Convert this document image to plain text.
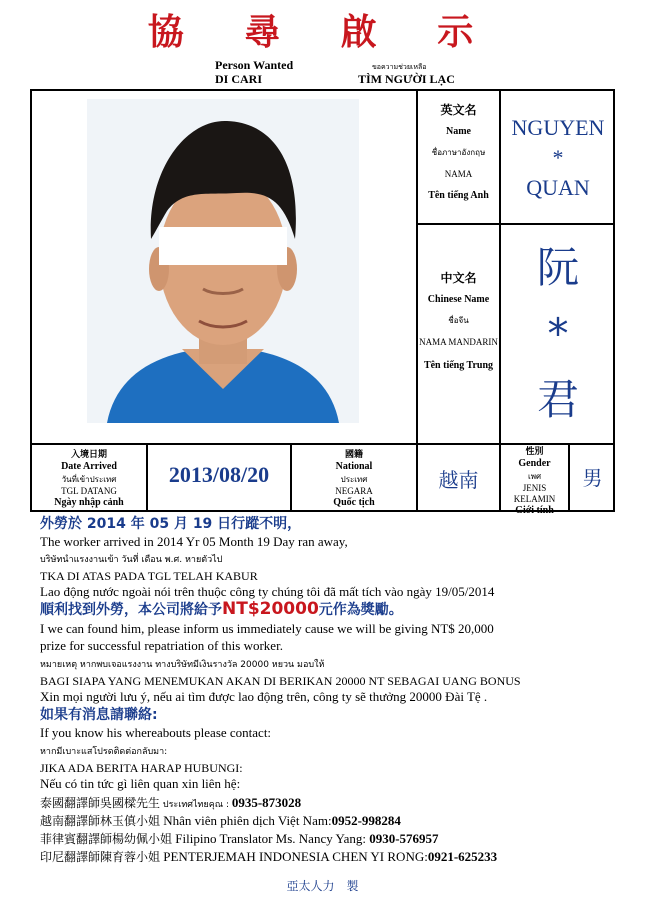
協 尋 啟 示
Person Wanted	ขอความช่วยเหลือ
DI CARI	TÌM NGƯỜI LẠC
英文名
Name
ชื่อภาษาอังกฤษ
NAMA
Tên tiếng Anh
NGUYEN
*
QUAN
中文名
Chinese Name
ชื่อจีน
NAMA MANDARIN
Tên tiếng Trung
阮
*
君
入境日期
Date Arrived
วันที่เข้าประเทศ
TGL DATANG
Ngày nhập cảnh
2013/08/20
國籍
National
ประเทศ
NEGARA
Quốc tịch
越南
性別
Gender
เพศ
JENIS KELAMIN
Giới tính
男
外勞於 2014 年 05 月 19 日行蹤不明，
The worker arrived in 2014 Yr 05 Month 19 Day ran away,
บริษัทนำแรงงานเข้า วันที่ เดือน พ.ศ. หายตัวไป
TKA DI ATAS PADA TGL TELAH KABUR
Lao động nước ngoài nói trên thuộc công ty chúng tôi đã mất tích vào ngày 19/05/2014
順利找到外勞，本公司將給予NT$20000元作為獎勵。
I we can found him, please inform us immediately cause we will be giving NT$ 20,000
prize for successful repatriation of this worker.
หมายเหตุ หากพบเจอแรงงาน ทางบริษัทมีเงินรางวัล 20000 หยวน มอบให้
BAGI SIAPA YANG MENEMUKAN AKAN DI BERIKAN 20000 NT SEBAGAI UANG BONUS
Xin mọi người lưu ý, nếu ai tìm được lao động trên, công ty sẽ thưởng 20000 Đài Tệ .
如果有消息請聯絡:
If you know his whereabouts please contact:
หากมีเบาะแสโปรดติดต่อกลับมา:
JIKA ADA BERITA HARAP HUBUNGI:
Nếu có tin tức gì liên quan xin liên hệ:
泰國翻譯師吳國樑先生 ประเทศไทยคุณ : 0935-873028
越南翻譯師林玉傎小姐 Nhân viên phiên dịch Việt Nam:0952-998284
菲律賓翻譯師楊幼佩小姐 Filipino Translator Ms. Nancy Yang: 0930-576957
印尼翻譯師陳育蓉小姐 PENTERJEMAH INDONESIA CHEN YI RONG:0921-625233
亞太人力　製
